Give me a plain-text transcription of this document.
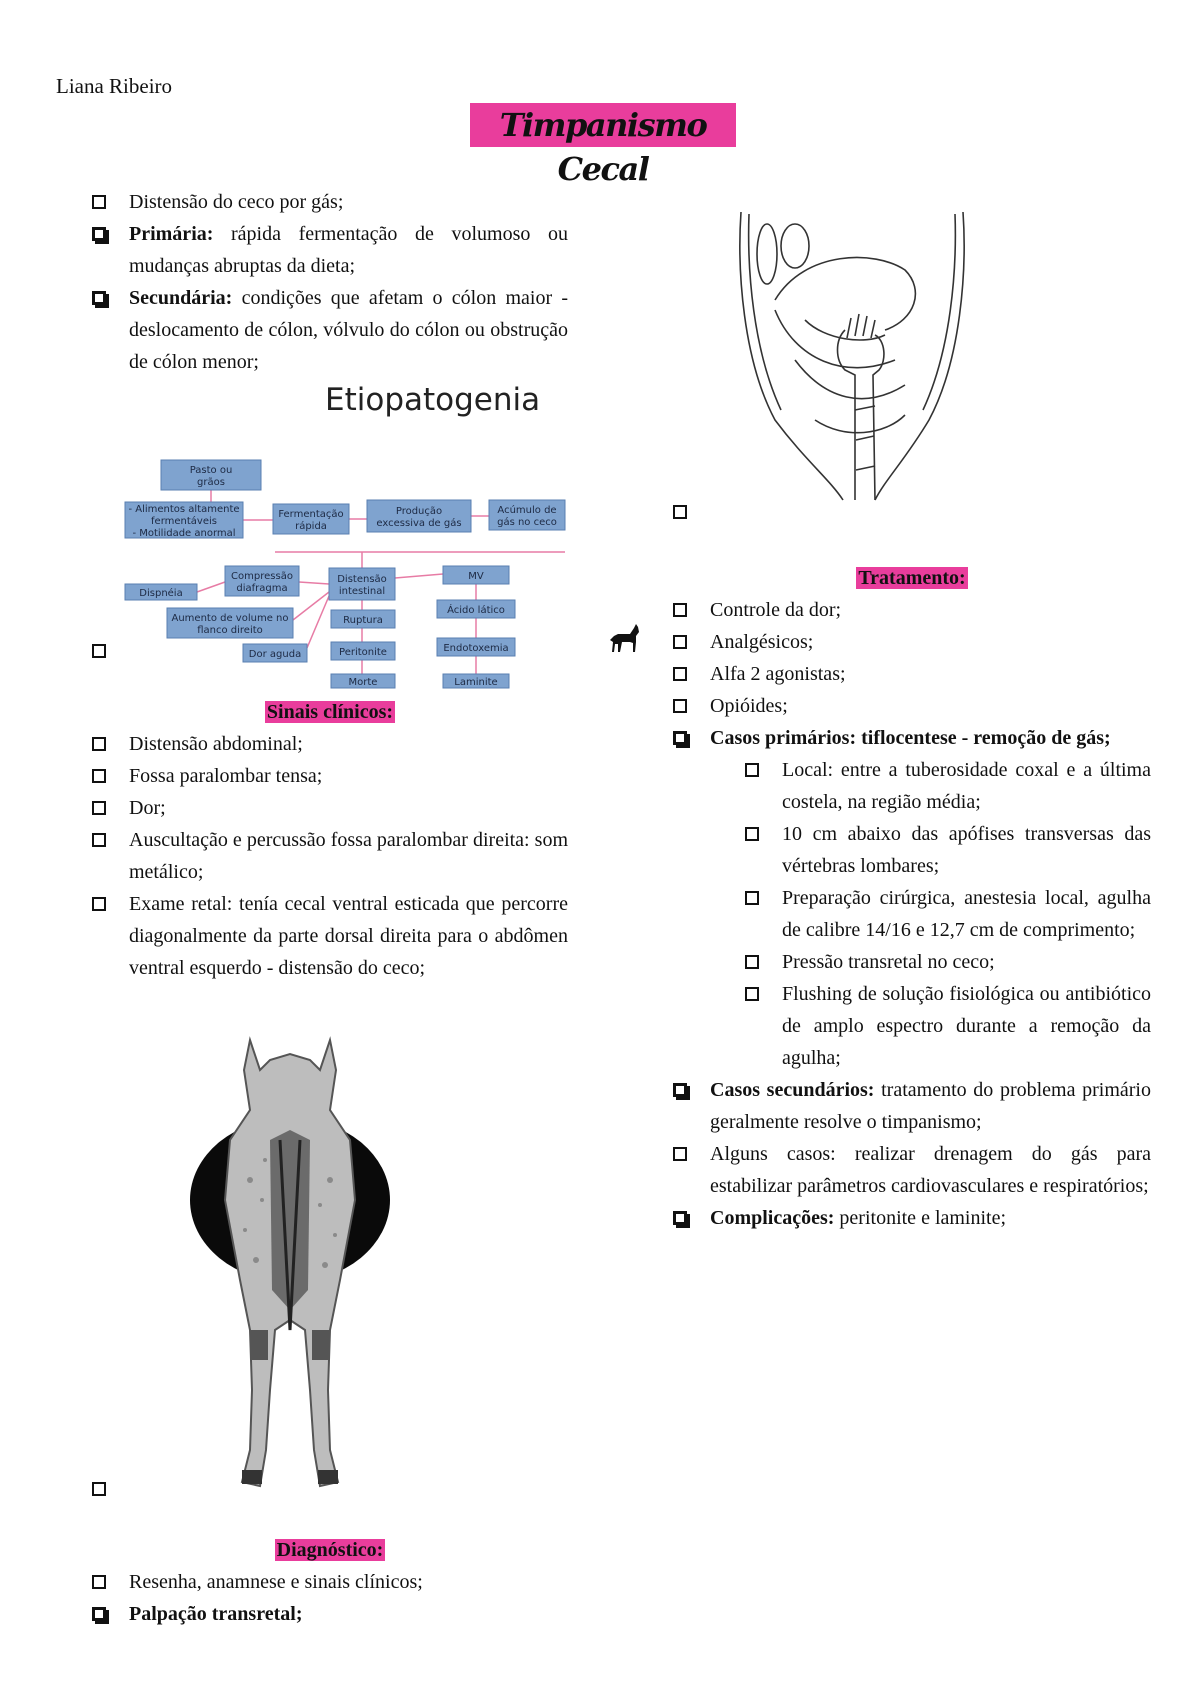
Liana Ribeiro
Timpanismo Cecal
Distensão do ceco por gás;
Primária: rápida fermentação de volumoso ou mudanças abruptas da dieta;
Secundária: condições que afetam o cólon maior - deslocamento de cólon, vólvulo do cólon ou obstrução de cólon menor;
Etiopatogenia
Pasto ou
grãos
- Alimentos altamente
fermentáveis
- Motilidade anormal
Fermentação
rápida
Produção
excessiva de gás
Acúmulo de
gás no ceco
Compressão
diafragma
Dispnéia
Distensão
intestinal
MV
Aumento de volume no
flanco direito
Ruptura
Ácido lático
Dor aguda	Peritonite	Endotoxemia
Morte	Laminite

Sinais clínicos:

Distensão abdominal;
Fossa paralombar tensa;
Dor;
Auscultação e percussão fossa paralombar direita: som metálico;
Exame retal: tenía cecal ventral esticada que percorre diagonalmente da parte dorsal direita para o abdômen ventral esquerdo - distensão do ceco;

Diagnóstico:

Resenha, anamnese e sinais clínicos;
Palpação transretal;

Tratamento:

Controle da dor;
Analgésicos;
Alfa 2 agonistas;
Opióides;
Casos primários: tiflocentese - remoção de gás;
Local: entre a tuberosidade coxal e a última costela, na região média;
10 cm abaixo das apófises transversas das vértebras lombares;
Preparação cirúrgica, anestesia local, agulha de calibre 14/16 e 12,7 cm de comprimento;
Pressão transretal no ceco;
Flushing de solução fisiológica ou antibiótico de amplo espectro durante a remoção da agulha;
Casos secundários: tratamento do problema primário geralmente resolve o timpanismo;
Alguns casos: realizar drenagem do gás para estabilizar parâmetros cardiovasculares e respiratórios;
Complicações: peritonite e laminite;
